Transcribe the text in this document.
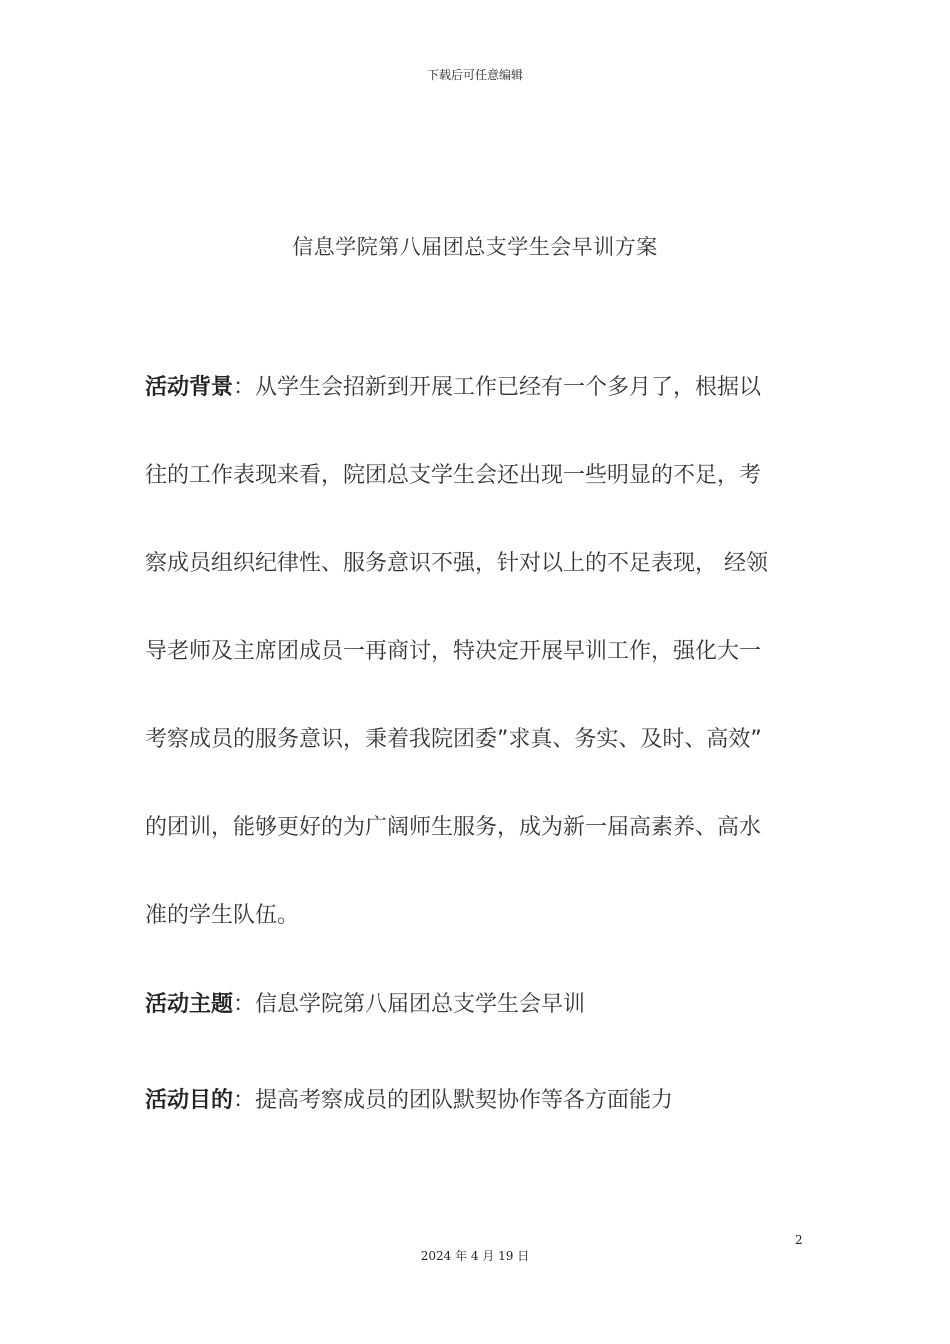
下载后可任意编辑
信息学院第八届团总支学生会早训方案
活动背景：从学生会招新到开展工作已经有一个多月了，根据以
往的工作表现来看，院团总支学生会还出现一些明显的不足，考
察成员组织纪律性、服务意识不强，针对以上的不足表现， 经领
导老师及主席团成员一再商讨，特决定开展早训工作，强化大一
考察成员的服务意识，秉着我院团委”求真、务实、及时、高效”
的团训，能够更好的为广阔师生服务，成为新一届高素养、高水
准的学生队伍。
活动主题：信息学院第八届团总支学生会早训
活动目的：提高考察成员的团队默契协作等各方面能力
2
2024 年 4 月 19 日
